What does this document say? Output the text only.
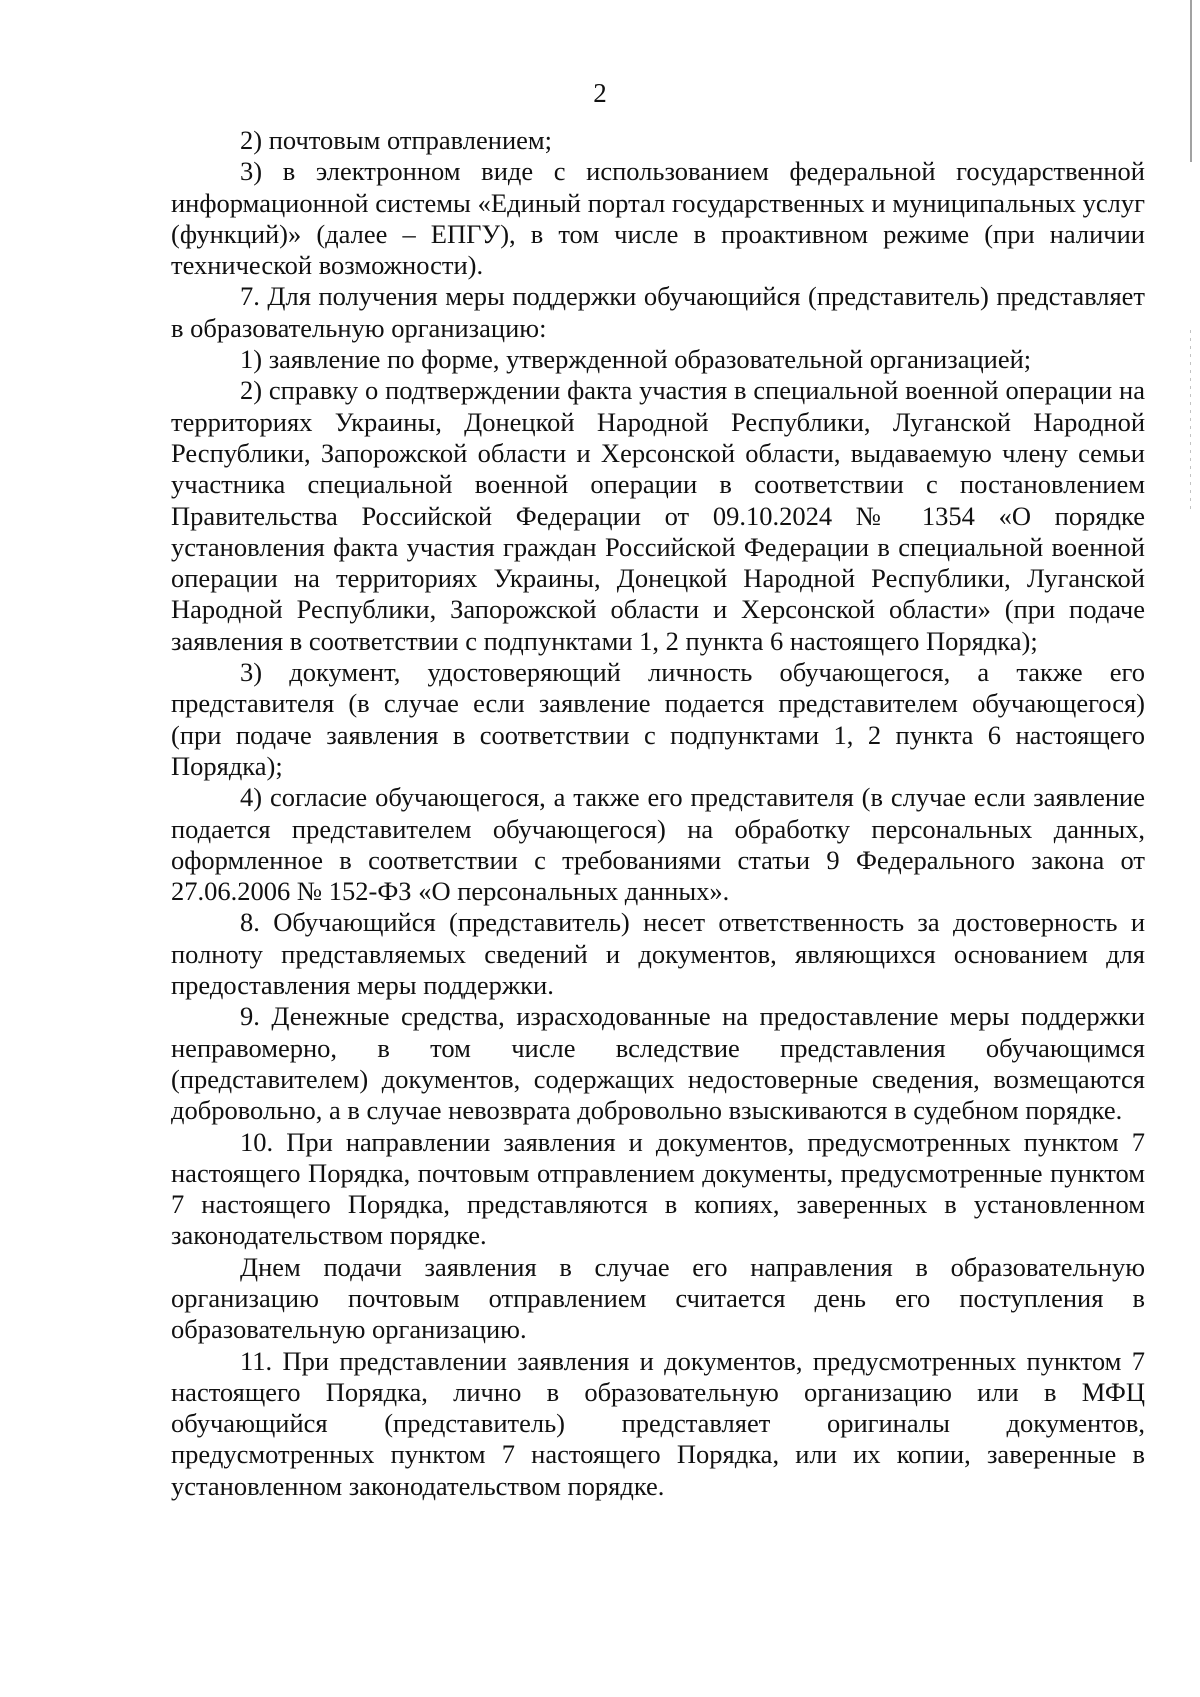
2

2) почтовым отправлением;

3) в электронном виде с использованием федеральной государственной информационной системы «Единый портал государственных и муниципальных услуг (функций)» (далее – ЕПГУ), в том числе в проактивном режиме (при наличии технической возможности).

7. Для получения меры поддержки обучающийся (представитель) представляет в образовательную организацию:

1) заявление по форме, утвержденной образовательной организацией;

2) справку о подтверждении факта участия в специальной военной операции на территориях Украины, Донецкой Народной Республики, Луганской Народной Республики, Запорожской области и Херсонской области, выдаваемую члену семьи участника специальной военной операции в соответствии с постановлением Правительства Российской Федерации от 09.10.2024 № 1354 «О порядке установления факта участия граждан Российской Федерации в специальной военной операции на территориях Украины, Донецкой Народной Республики, Луганской Народной Республики, Запорожской области и Херсонской области» (при подаче заявления в соответствии с подпунктами 1, 2 пункта 6 настоящего Порядка);

3) документ, удостоверяющий личность обучающегося, а также его представителя (в случае если заявление подается представителем обучающегося) (при подаче заявления в соответствии с подпунктами 1, 2 пункта 6 настоящего Порядка);

4) согласие обучающегося, а также его представителя (в случае если заявление подается представителем обучающегося) на обработку персональных данных, оформленное в соответствии с требованиями статьи 9 Федерального закона от 27.06.2006 № 152-ФЗ «О персональных данных».

8. Обучающийся (представитель) несет ответственность за достоверность и полноту представляемых сведений и документов, являющихся основанием для предоставления меры поддержки.

9. Денежные средства, израсходованные на предоставление меры поддержки неправомерно, в том числе вследствие представления обучающимся (представителем) документов, содержащих недостоверные сведения, возмещаются добровольно, а в случае невозврата добровольно взыскиваются в судебном порядке.

10. При направлении заявления и документов, предусмотренных пунктом 7 настоящего Порядка, почтовым отправлением документы, предусмотренные пунктом 7 настоящего Порядка, представляются в копиях, заверенных в установленном законодательством порядке.

Днем подачи заявления в случае его направления в образовательную организацию почтовым отправлением считается день его поступления в образовательную организацию.

11. При представлении заявления и документов, предусмотренных пунктом 7 настоящего Порядка, лично в образовательную организацию или в МФЦ обучающийся (представитель) представляет оригиналы документов, предусмотренных пунктом 7 настоящего Порядка, или их копии, заверенные в установленном законодательством порядке.
